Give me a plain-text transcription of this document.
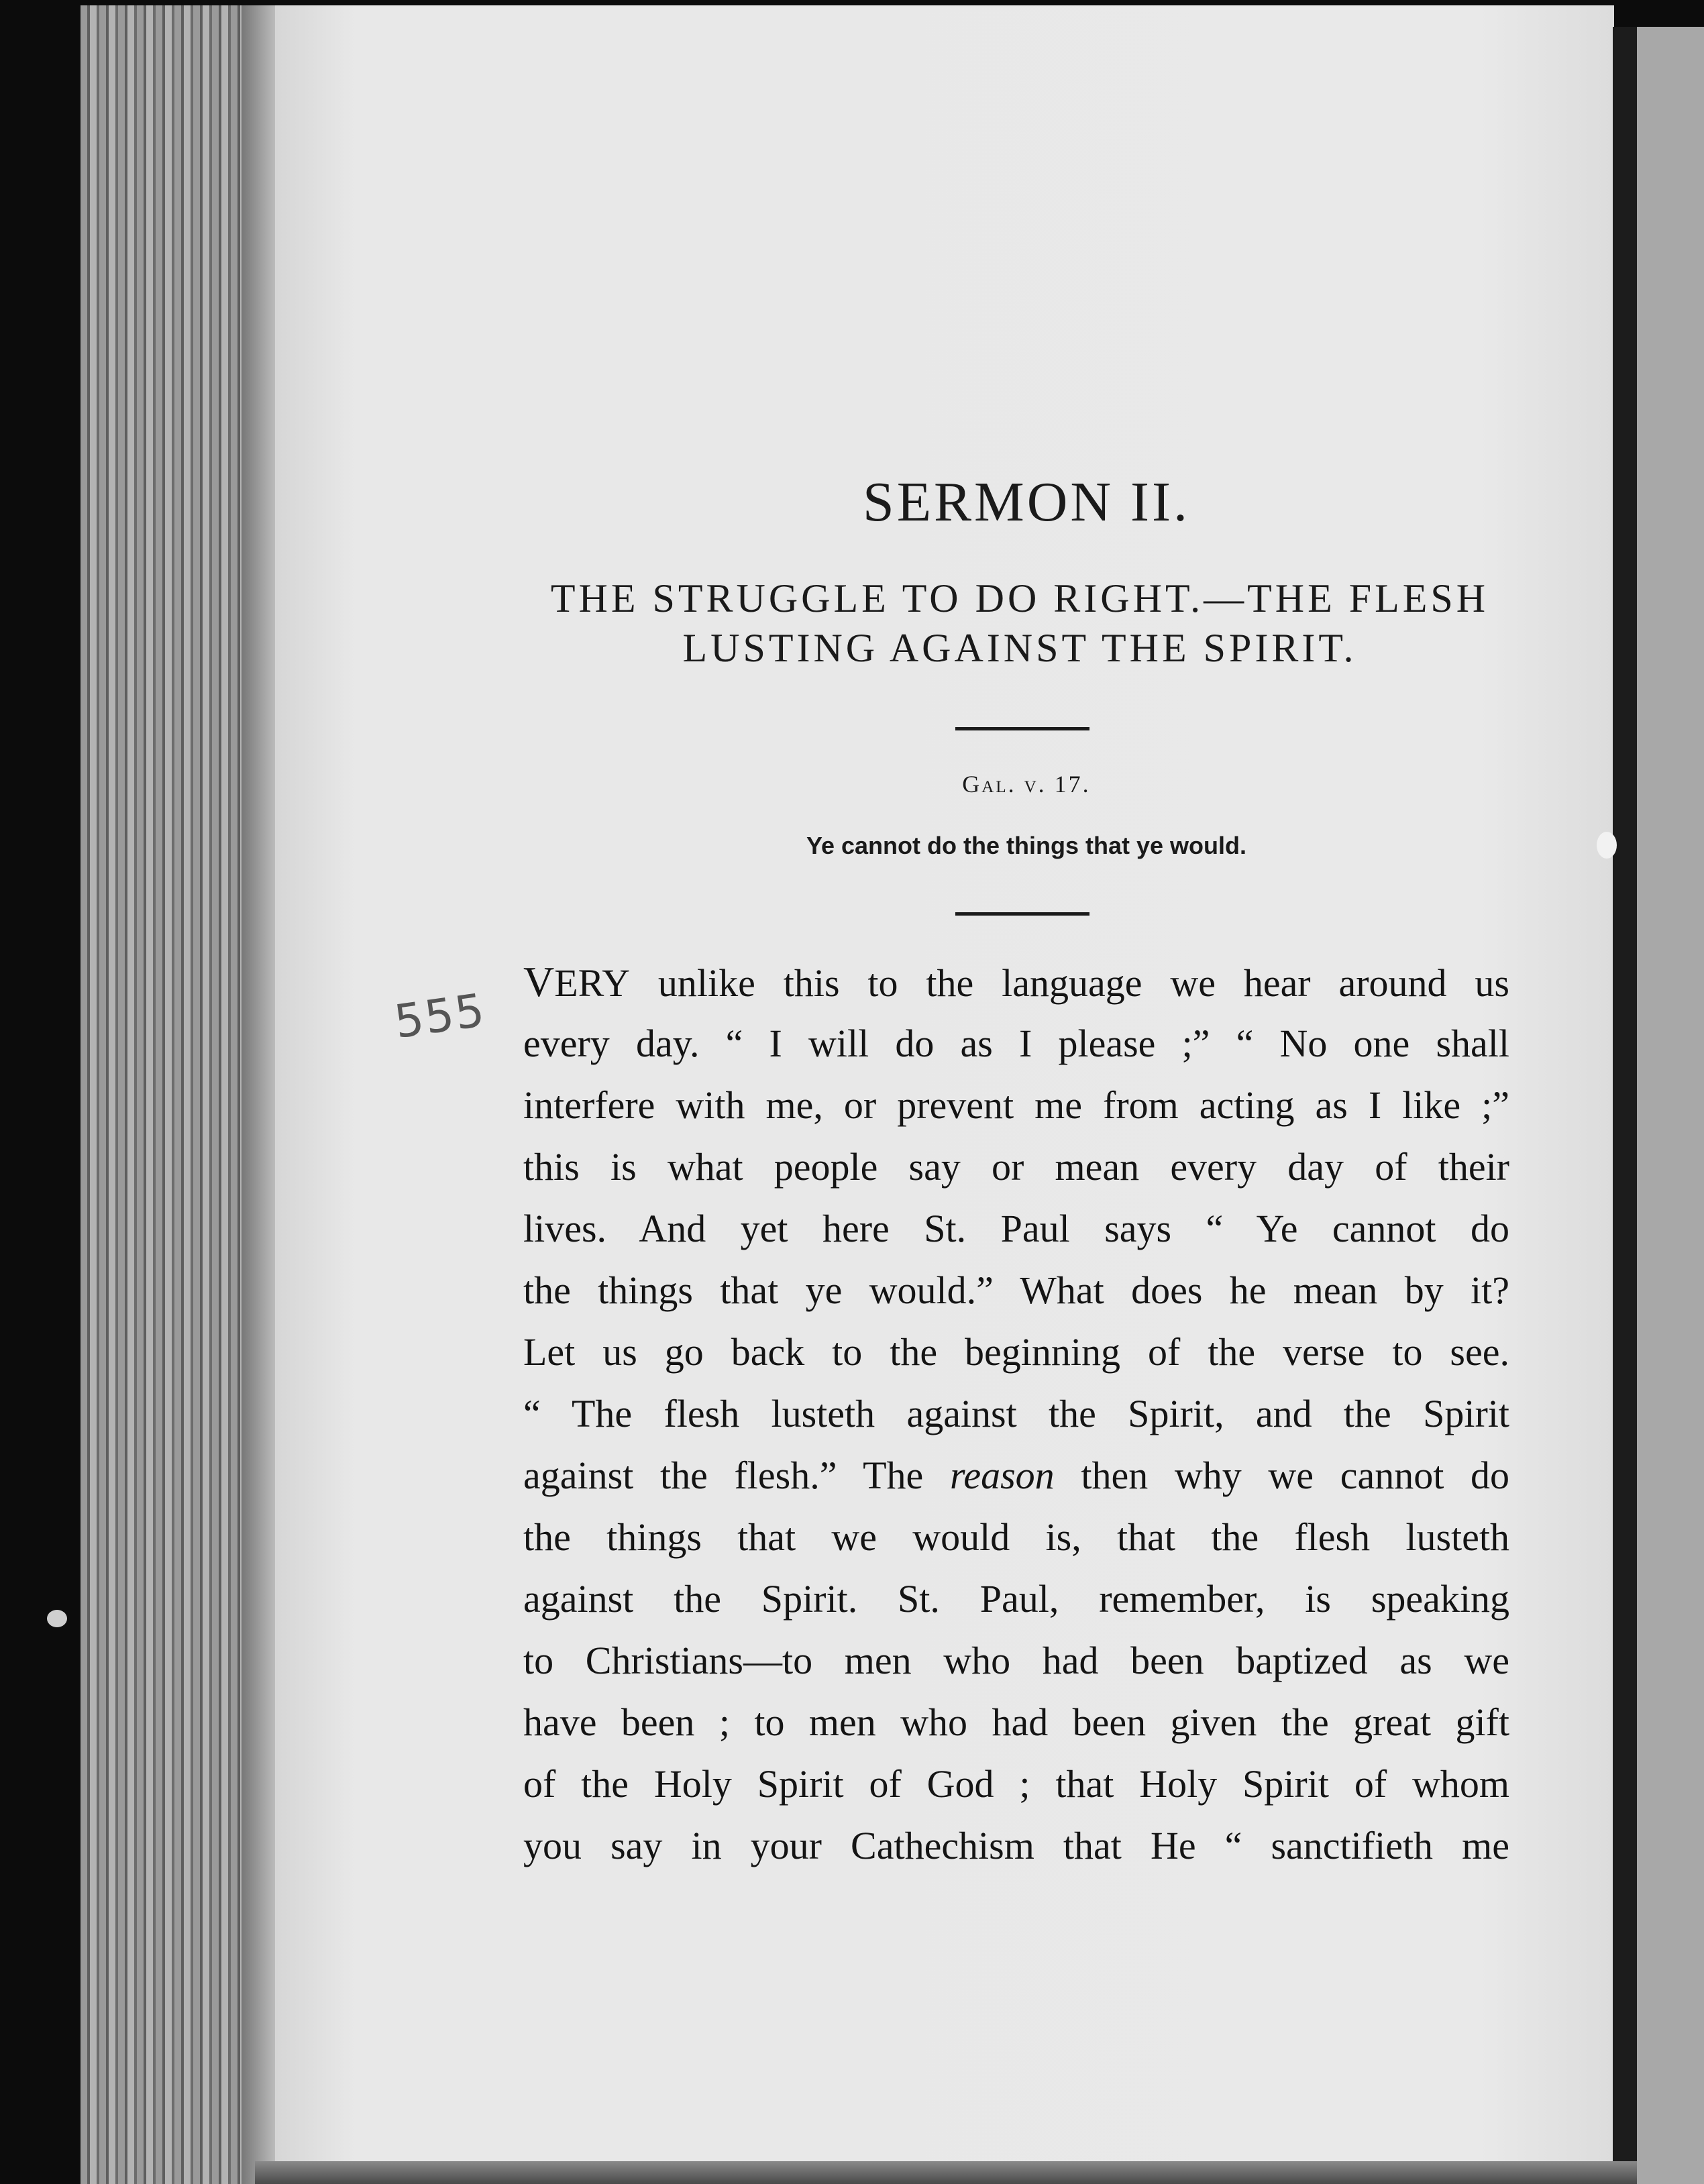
555
SERMON II.
THE STRUGGLE TO DO RIGHT.—THE FLESH
LUSTING AGAINST THE SPIRIT.
Gal. v. 17.
Ye cannot do the things that ye would.
VERY unlike this to the language we hear around us
every day. “ I will do as I please ;” “ No one shall
interfere with me, or prevent me from acting as I like ;”
this is what people say or mean every day of their
lives. And yet here St. Paul says “ Ye cannot do
the things that ye would.” What does he mean by it?
Let us go back to the beginning of the verse to see.
“ The flesh lusteth against the Spirit, and the Spirit
against the flesh.” The reason then why we cannot do
the things that we would is, that the flesh lusteth
against the Spirit. St. Paul, remember, is speaking
to Christians—to men who had been baptized as we
have been ; to men who had been given the great gift
of the Holy Spirit of God ; that Holy Spirit of whom
you say in your Cathechism that He “ sanctifieth me
